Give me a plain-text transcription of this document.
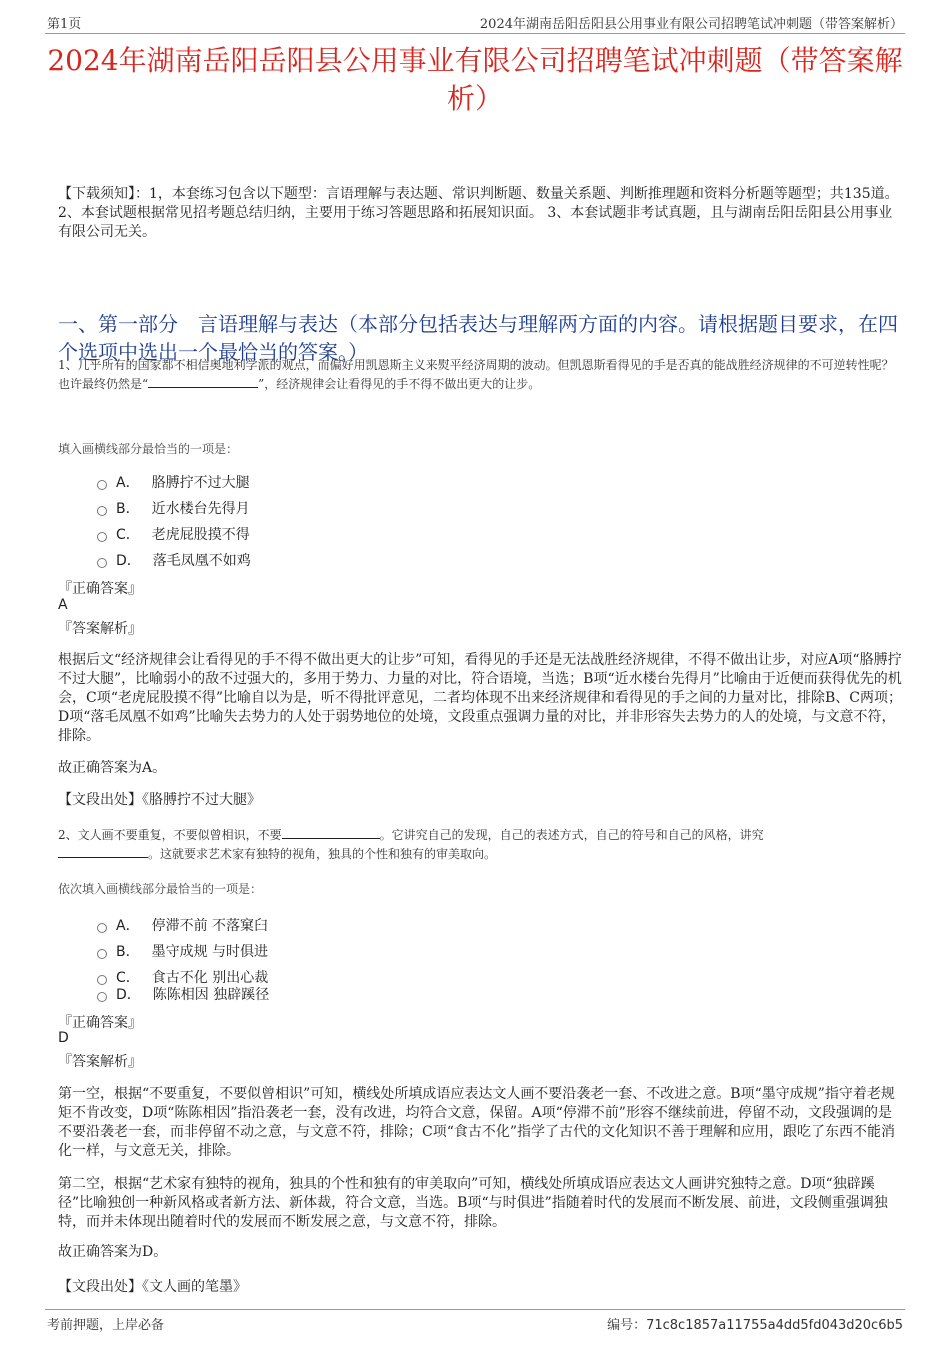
第1页	2024年湖南岳阳岳阳县公用事业有限公司招聘笔试冲刺题（带答案解析）
2024年湖南岳阳岳阳县公用事业有限公司招聘笔试冲刺题（带答案解析）
【下载须知】：1，本套练习包含以下题型：言语理解与表达题、常识判断题、数量关系题、判断推理题和资料分析题等题型；共135道。 2、本套试题根据常见招考题总结归纳，主要用于练习答题思路和拓展知识面。 3、本套试题非考试真题，且与湖南岳阳岳阳县公用事业有限公司无关。
一、第一部分　言语理解与表达（本部分包括表达与理解两方面的内容。请根据题目要求，在四个选项中选出一个最恰当的答案。）
1、几乎所有的国家都不相信奥地利学派的观点，而偏好用凯恩斯主义来熨平经济周期的波动。但凯恩斯看得见的手是否真的能战胜经济规律的不可逆转性呢？也许最终仍然是“	”，经济规律会让看得见的手不得不做出更大的让步。
填入画横线部分最恰当的一项是：
A． 胳膊拧不过大腿
B． 近水楼台先得月
C． 老虎屁股摸不得
D． 落毛凤凰不如鸡
『正确答案』
A
『答案解析』
根据后文“经济规律会让看得见的手不得不做出更大的让步”可知，看得见的手还是无法战胜经济规律，不得不做出让步，对应A项“胳膊拧不过大腿”，比喻弱小的敌不过强大的，多用于势力、力量的对比，符合语境，当选；B项“近水楼台先得月”比喻由于近便而获得优先的机会，C项“老虎屁股摸不得”比喻自以为是，听不得批评意见，二者均体现不出来经济规律和看得见的手之间的力量对比，排除B、C两项；D项“落毛凤凰不如鸡”比喻失去势力的人处于弱势地位的处境，文段重点强调力量的对比，并非形容失去势力的人的处境，与文意不符，排除。
故正确答案为A。
【文段出处】《胳膊拧不过大腿》
2、文人画不要重复，不要似曾相识，不要	。它讲究自己的发现，自己的表述方式，自己的符号和自己的风格，讲究
。这就要求艺术家有独特的视角，独具的个性和独有的审美取向。
依次填入画横线部分最恰当的一项是：
A． 停滞不前 不落窠臼
B． 墨守成规 与时俱进
C． 食古不化 别出心裁
D． 陈陈相因 独辟蹊径
『正确答案』
D
『答案解析』
第一空，根据“不要重复，不要似曾相识”可知，横线处所填成语应表达文人画不要沿袭老一套、不改进之意。B项“墨守成规”指守着老规矩不肯改变，D项“陈陈相因”指沿袭老一套，没有改进，均符合文意，保留。A项“停滞不前”形容不继续前进，停留不动，文段强调的是不要沿袭老一套，而非停留不动之意，与文意不符，排除；C项“食古不化”指学了古代的文化知识不善于理解和应用，跟吃了东西不能消化一样，与文意无关，排除。
第二空，根据“艺术家有独特的视角，独具的个性和独有的审美取向”可知，横线处所填成语应表达文人画讲究独特之意。D项“独辟蹊径”比喻独创一种新风格或者新方法、新体裁，符合文意，当选。B项“与时俱进”指随着时代的发展而不断发展、前进，文段侧重强调独特，而并未体现出随着时代的发展而不断发展之意，与文意不符，排除。
故正确答案为D。
【文段出处】《文人画的笔墨》
考前押题，上岸必备	编号：71c8c1857a11755a4dd5fd043d20c6b5
